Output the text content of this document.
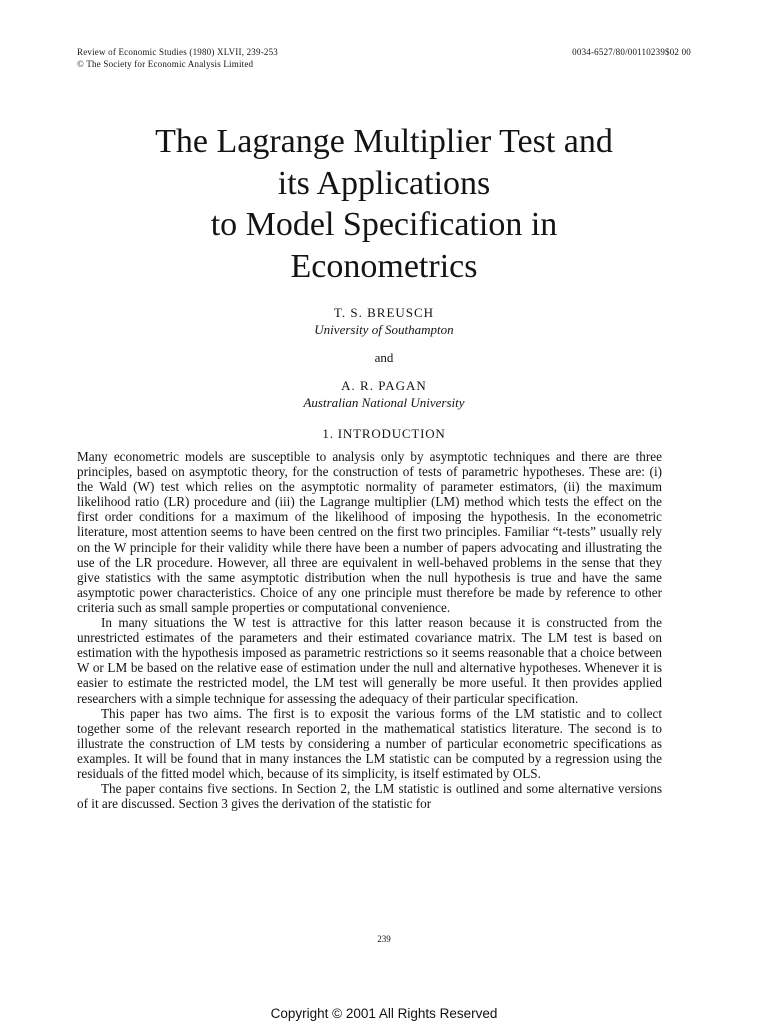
Review of Economic Studies (1980) XLVII, 239-253
© The Society for Economic Analysis Limited
0034-6527/80/00110239$02 00
The Lagrange Multiplier Test and
its Applications
to Model Specification in
Econometrics
T. S. BREUSCH
University of Southampton
and
A. R. PAGAN
Australian National University
1. INTRODUCTION

Many econometric models are susceptible to analysis only by asymptotic techniques and there are three principles, based on asymptotic theory, for the construction of tests of parametric hypotheses. These are: (i) the Wald (W) test which relies on the asymptotic normality of parameter estimators, (ii) the maximum likelihood ratio (LR) procedure and (iii) the Lagrange multiplier (LM) method which tests the effect on the first order conditions for a maximum of the likelihood of imposing the hypothesis. In the econometric literature, most attention seems to have been centred on the first two principles. Familiar “t-tests” usually rely on the W principle for their validity while there have been a number of papers advocating and illustrating the use of the LR procedure. However, all three are equivalent in well-behaved problems in the sense that they give statistics with the same asymptotic distribution when the null hypothesis is true and have the same asymptotic power characteristics. Choice of any one principle must therefore be made by reference to other criteria such as small sample properties or computational convenience.

In many situations the W test is attractive for this latter reason because it is constructed from the unrestricted estimates of the parameters and their estimated covariance matrix. The LM test is based on estimation with the hypothesis imposed as parametric restrictions so it seems reasonable that a choice between W or LM be based on the relative ease of estimation under the null and alternative hypotheses. Whenever it is easier to estimate the restricted model, the LM test will generally be more useful. It then provides applied researchers with a simple technique for assessing the adequacy of their particular specification.

This paper has two aims. The first is to exposit the various forms of the LM statistic and to collect together some of the relevant research reported in the mathematical statistics literature. The second is to illustrate the construction of LM tests by considering a number of particular econometric specifications as examples. It will be found that in many instances the LM statistic can be computed by a regression using the residuals of the fitted model which, because of its simplicity, is itself estimated by OLS.

The paper contains five sections. In Section 2, the LM statistic is outlined and some alternative versions of it are discussed. Section 3 gives the derivation of the statistic for

239
Copyright © 2001 All Rights Reserved
